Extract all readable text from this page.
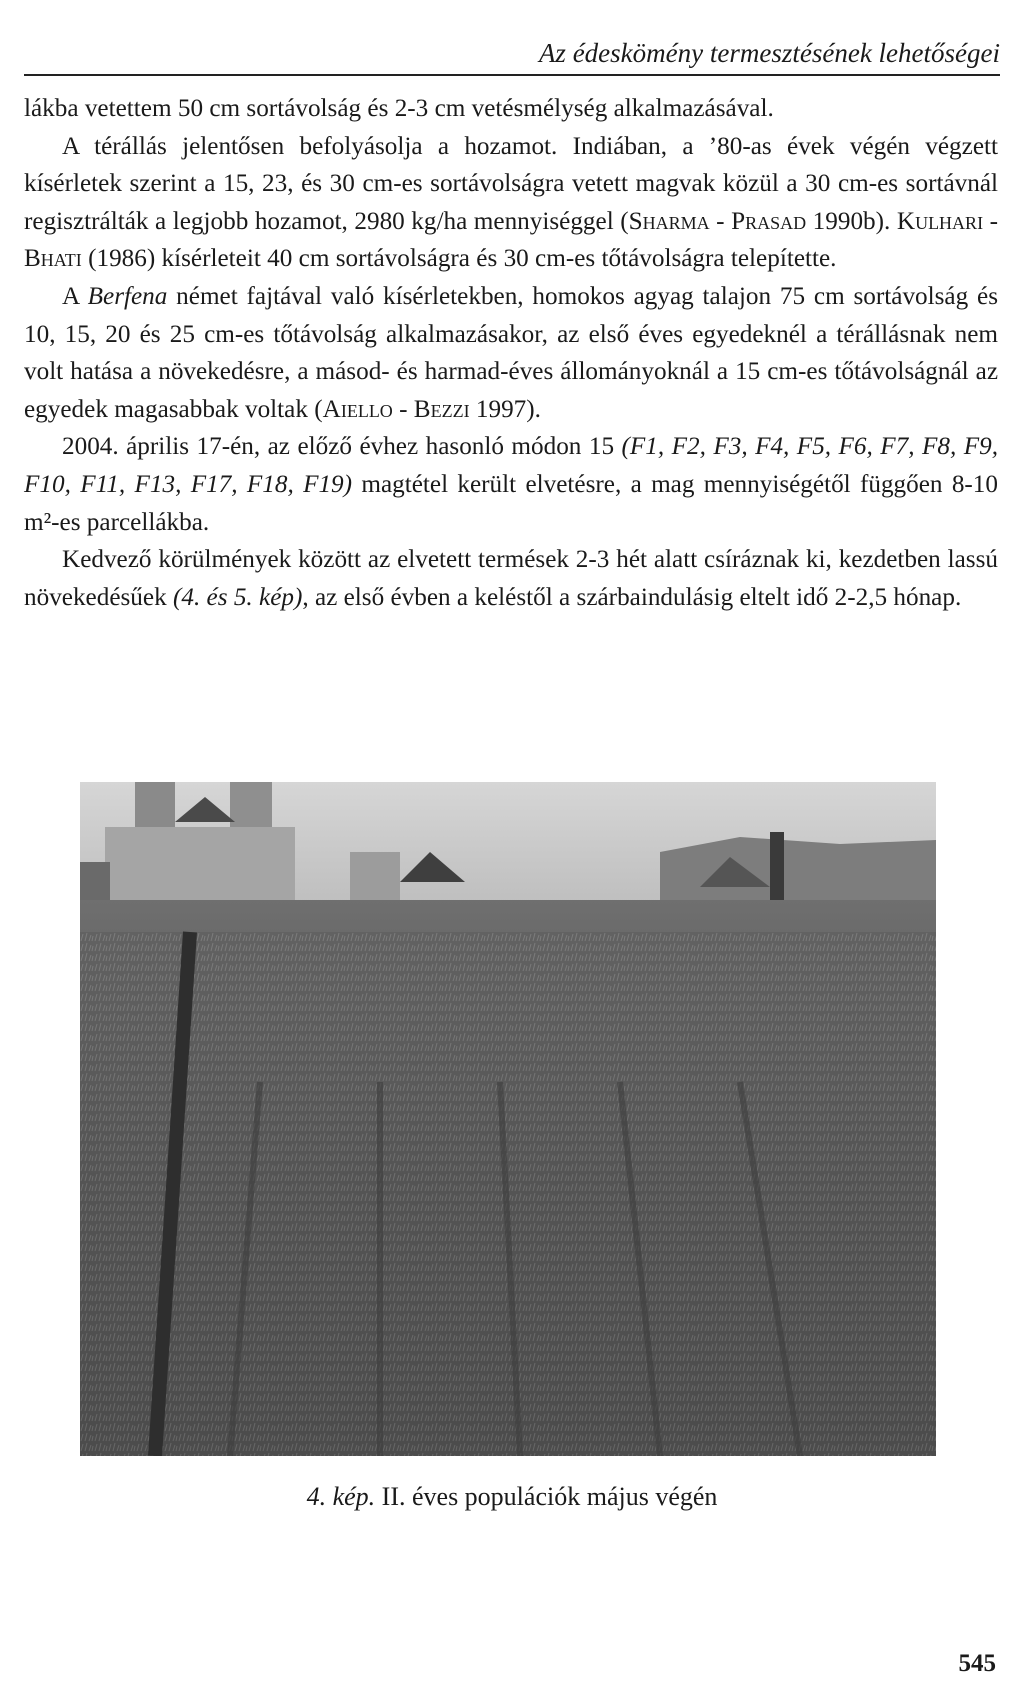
Az édeskömény termesztésének lehetőségei

lákba vetettem 50 cm sortávolság és 2-3 cm vetésmélység alkalmazásával.

A térállás jelentősen befolyásolja a hozamot. Indiában, a ’80-as évek végén végzett kísérletek szerint a 15, 23, és 30 cm-es sortávolságra vetett magvak közül a 30 cm-es sortávnál regisztrálták a legjobb hozamot, 2980 kg/ha mennyiséggel (Sharma - Prasad 1990b). Kulhari - Bhati (1986) kísérleteit 40 cm sortávolságra és 30 cm-es tőtávolságra telepítette.

A Berfena német fajtával való kísérletekben, homokos agyag talajon 75 cm sortávolság és 10, 15, 20 és 25 cm-es tőtávolság alkalmazásakor, az első éves egyedeknél a térállásnak nem volt hatása a növekedésre, a másod- és harmad-éves állományoknál a 15 cm-es tőtávolságnál az egyedek magasabbak voltak (Aiello - Bezzi 1997).

2004. április 17-én, az előző évhez hasonló módon 15 (F1, F2, F3, F4, F5, F6, F7, F8, F9, F10, F11, F13, F17, F18, F19) magtétel került elvetésre, a mag mennyiségétől függően 8-10 m²-es parcellákba.

Kedvező körülmények között az elvetett termések 2-3 hét alatt csíráznak ki, kezdetben lassú növekedésűek (4. és 5. kép), az első évben a keléstől a szárbaindulásig eltelt idő 2-2,5 hónap.

4. kép. II. éves populációk május végén
545
